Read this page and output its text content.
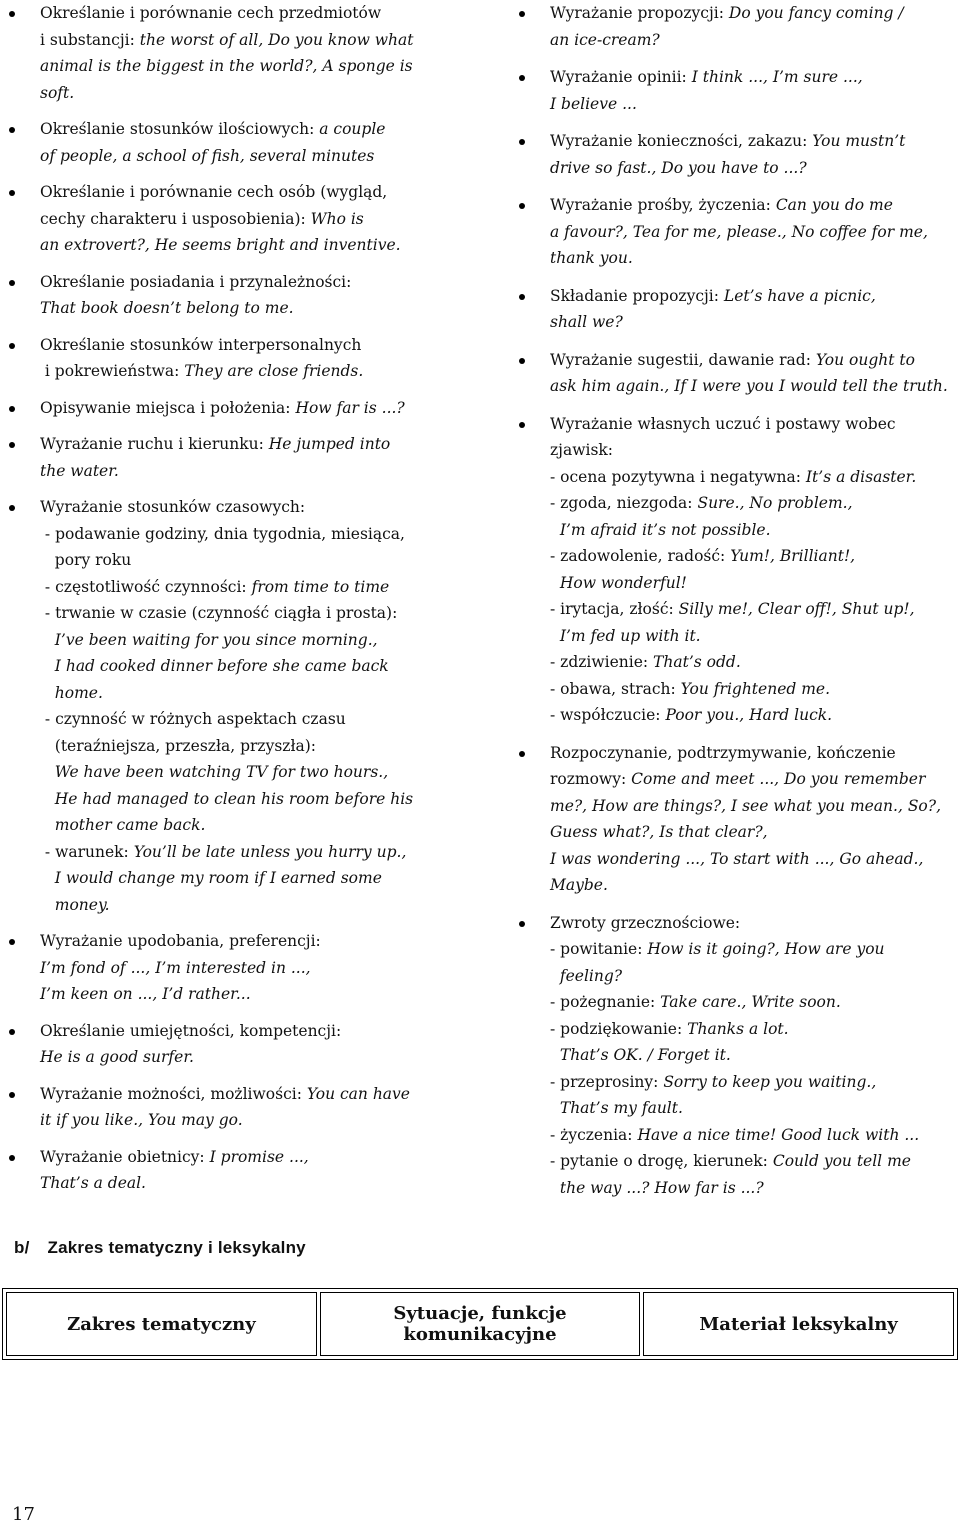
Określanie i porównanie cech przedmiotów
i substancji: the worst of all, Do you know what
animal is the biggest in the world?, A sponge is
soft.
Określanie stosunków ilościowych: a couple
of people, a school of fish, several minutes
Określanie i porównanie cech osób (wygląd,
cechy charakteru i usposobienia): Who is
an extrovert?, He seems bright and inventive.
Określanie posiadania i przynależności:
That book doesn’t belong to me.
Określanie stosunków interpersonalnych
i pokrewieństwa: They are close friends.
Opisywanie miejsca i położenia: How far is ...?
Wyrażanie ruchu i kierunku: He jumped into
the water.
Wyrażanie stosunków czasowych:
- podawanie godziny, dnia tygodnia, miesiąca,
pory roku
- częstotliwość czynności: from time to time
- trwanie w czasie (czynność ciągła i prosta):
I’ve been waiting for you since morning.,
I had cooked dinner before she came back
home.
- czynność w różnych aspektach czasu
(teraźniejsza, przeszła, przyszła):
We have been watching TV for two hours.,
He had managed to clean his room before his
mother came back.
- warunek: You’ll be late unless you hurry up.,
I would change my room if I earned some
money.
Wyrażanie upodobania, preferencji:
I’m fond of ..., I’m interested in ...,
I’m keen on ..., I’d rather...
Określanie umiejętności, kompetencji:
He is a good surfer.
Wyrażanie możności, możliwości: You can have
it if you like., You may go.
Wyrażanie obietnicy: I promise ...,
That’s a deal.
Wyrażanie propozycji: Do you fancy coming /
an ice-cream?
Wyrażanie opinii: I think ..., I’m sure ...,
I believe ...
Wyrażanie konieczności, zakazu: You mustn’t
drive so fast., Do you have to ...?
Wyrażanie prośby, życzenia: Can you do me
a favour?, Tea for me, please., No coffee for me,
thank you.
Składanie propozycji: Let’s have a picnic,
shall we?
Wyrażanie sugestii, dawanie rad: You ought to
ask him again., If I were you I would tell the truth.
Wyrażanie własnych uczuć i postawy wobec
zjawisk:
- ocena pozytywna i negatywna: It’s a disaster.
- zgoda, niezgoda: Sure., No problem.,
I’m afraid it’s not possible.
- zadowolenie, radość: Yum!, Brilliant!,
How wonderful!
- irytacja, złość: Silly me!, Clear off!, Shut up!,
I’m fed up with it.
- zdziwienie: That’s odd.
- obawa, strach: You frightened me.
- współczucie: Poor you., Hard luck.
Rozpoczynanie, podtrzymywanie, kończenie
rozmowy: Come and meet ..., Do you remember
me?, How are things?, I see what you mean., So?,
Guess what?, Is that clear?,
I was wondering ..., To start with ..., Go ahead.,
Maybe.
Zwroty grzecznościowe:
- powitanie: How is it going?, How are you
feeling?
- pożegnanie: Take care., Write soon.
- podziękowanie: Thanks a lot.
That’s OK. / Forget it.
- przeprosiny: Sorry to keep you waiting.,
That’s my fault.
- życzenia: Have a nice time! Good luck with ...
- pytanie o drogę, kierunek: Could you tell me
the way ...? How far is ...?
b/ Zakres tematyczny i leksykalny
Zakres tematyczny	Sytuacje, funkcje komunikacyjne	Materiał leksykalny
17
